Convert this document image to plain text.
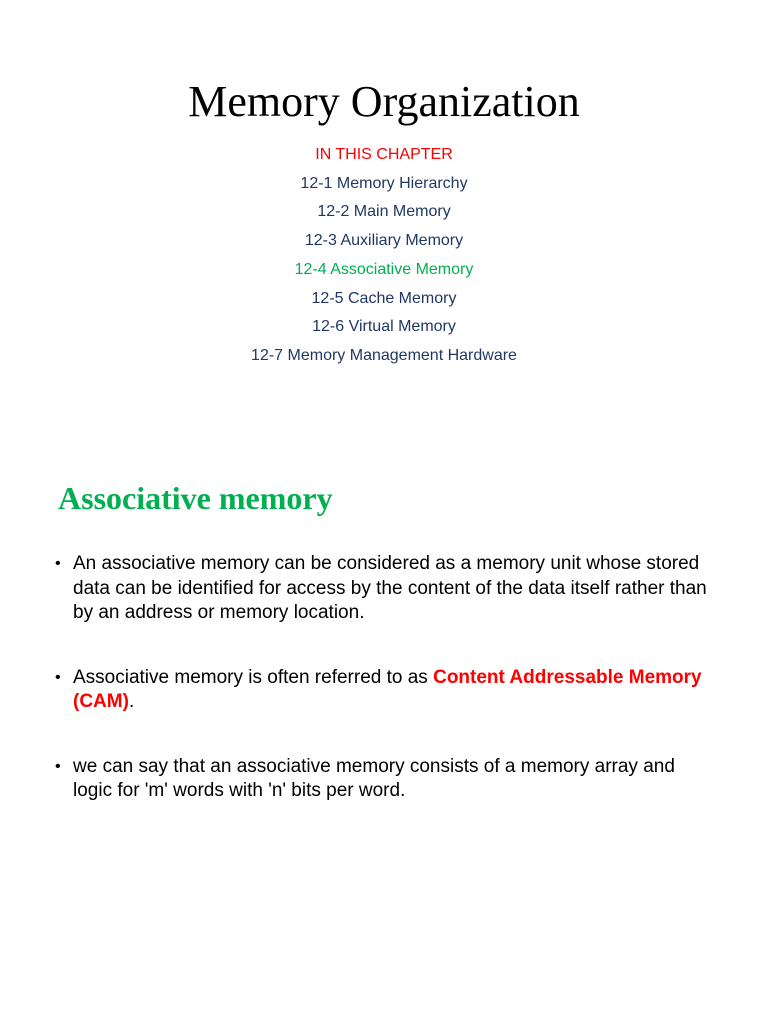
Memory Organization
IN THIS CHAPTER
12-1 Memory Hierarchy
12-2 Main Memory
12-3 Auxiliary Memory
12-4 Associative Memory
12-5 Cache Memory
12-6 Virtual Memory
12-7 Memory Management Hardware
Associative memory
• An associative memory can be considered as a memory unit whose stored data can be identified for access by the content of the data itself rather than by an address or memory location.
• Associative memory is often referred to as Content Addressable Memory (CAM).
• we can say that an associative memory consists of a memory array and logic for 'm' words with 'n' bits per word.
